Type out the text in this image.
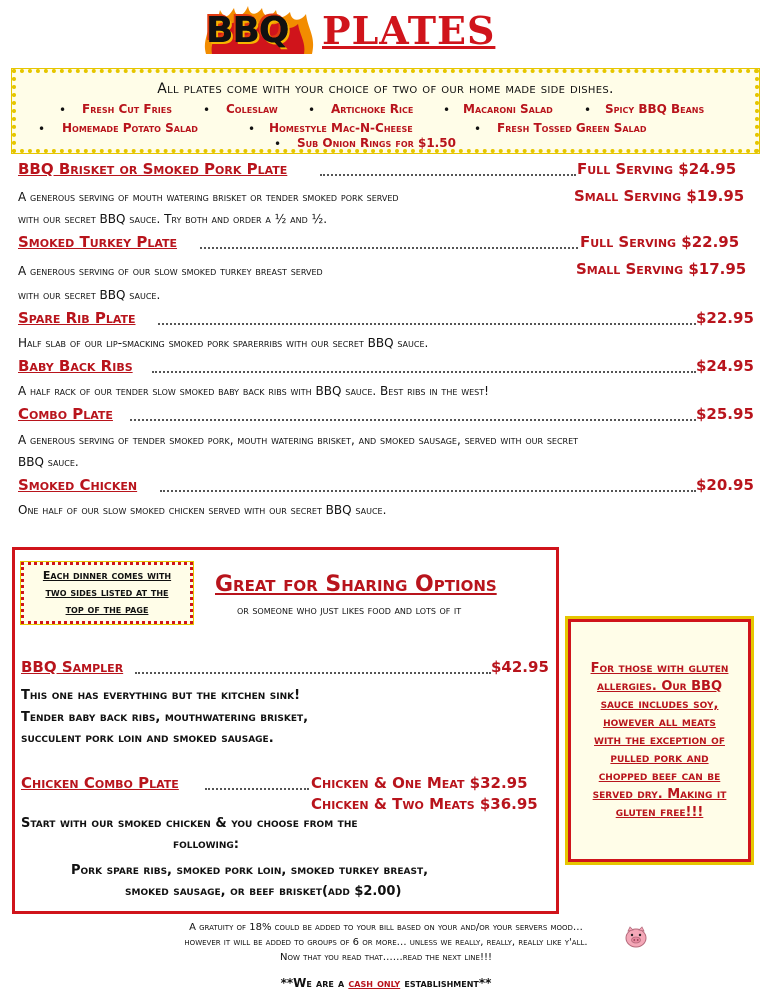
BBQ PLATES
All plates come with your choice of two of our home made side dishes.
• Fresh Cut Fries	• Coleslaw	• Artichoke Rice • Macaroni Salad	• Spicy BBQ Beans
• Homemade Potato Salad	• Homestyle Mac-N-Cheese	• Fresh Tossed Green Salad
• Sub Onion Rings for $1.50
BBQ Brisket or Smoked Pork Plate	Full Serving $24.95
A generous serving of mouth watering brisket or tender smoked pork served	Small Serving $19.95
with our secret BBQ sauce. Try both and order a ½ and ½.
Smoked Turkey Plate	Full Serving $22.95
A generous serving of our slow smoked turkey breast served	Small Serving $17.95
with our secret BBQ sauce.
Spare Rib Plate	$22.95
Half slab of our lip-smacking smoked pork sparerribs with our secret BBQ sauce.
Baby Back Ribs	$24.95
A half rack of our tender slow smoked baby back ribs with BBQ sauce. Best ribs in the west!
Combo Plate	$25.95
A generous serving of tender smoked pork, mouth watering brisket, and smoked sausage, served with our secret
BBQ sauce.
Smoked Chicken	$20.95
One half of our slow smoked chicken served with our secret BBQ sauce.
Each dinner comes with
two sides listed at the
top of the page
Great for Sharing Options
or someone who just likes food and lots of it
BBQ Sampler	$42.95
This one has everything but the kitchen sink!
Tender baby back ribs, mouthwatering brisket,
succulent pork loin and smoked sausage.
Chicken Combo Plate	Chicken & One Meat $32.95
Chicken & Two Meats $36.95
Start with our smoked chicken & you choose from the
following:
Pork spare ribs, smoked pork loin, smoked turkey breast,
smoked sausage, or beef brisket(add $2.00)
For those with gluten
allergies. Our BBQ
sauce includes soy,
however all meats
with the exception of
pulled pork and
chopped beef can be
served dry. Making it
gluten free!!!
A gratuity of 18% could be added to your bill based on your and/or your servers mood…
however it will be added to groups of 6 or more… unless we really, really, really like y'all.
Now that you read that……read the next line!!!
**We are a cash only establishment**
